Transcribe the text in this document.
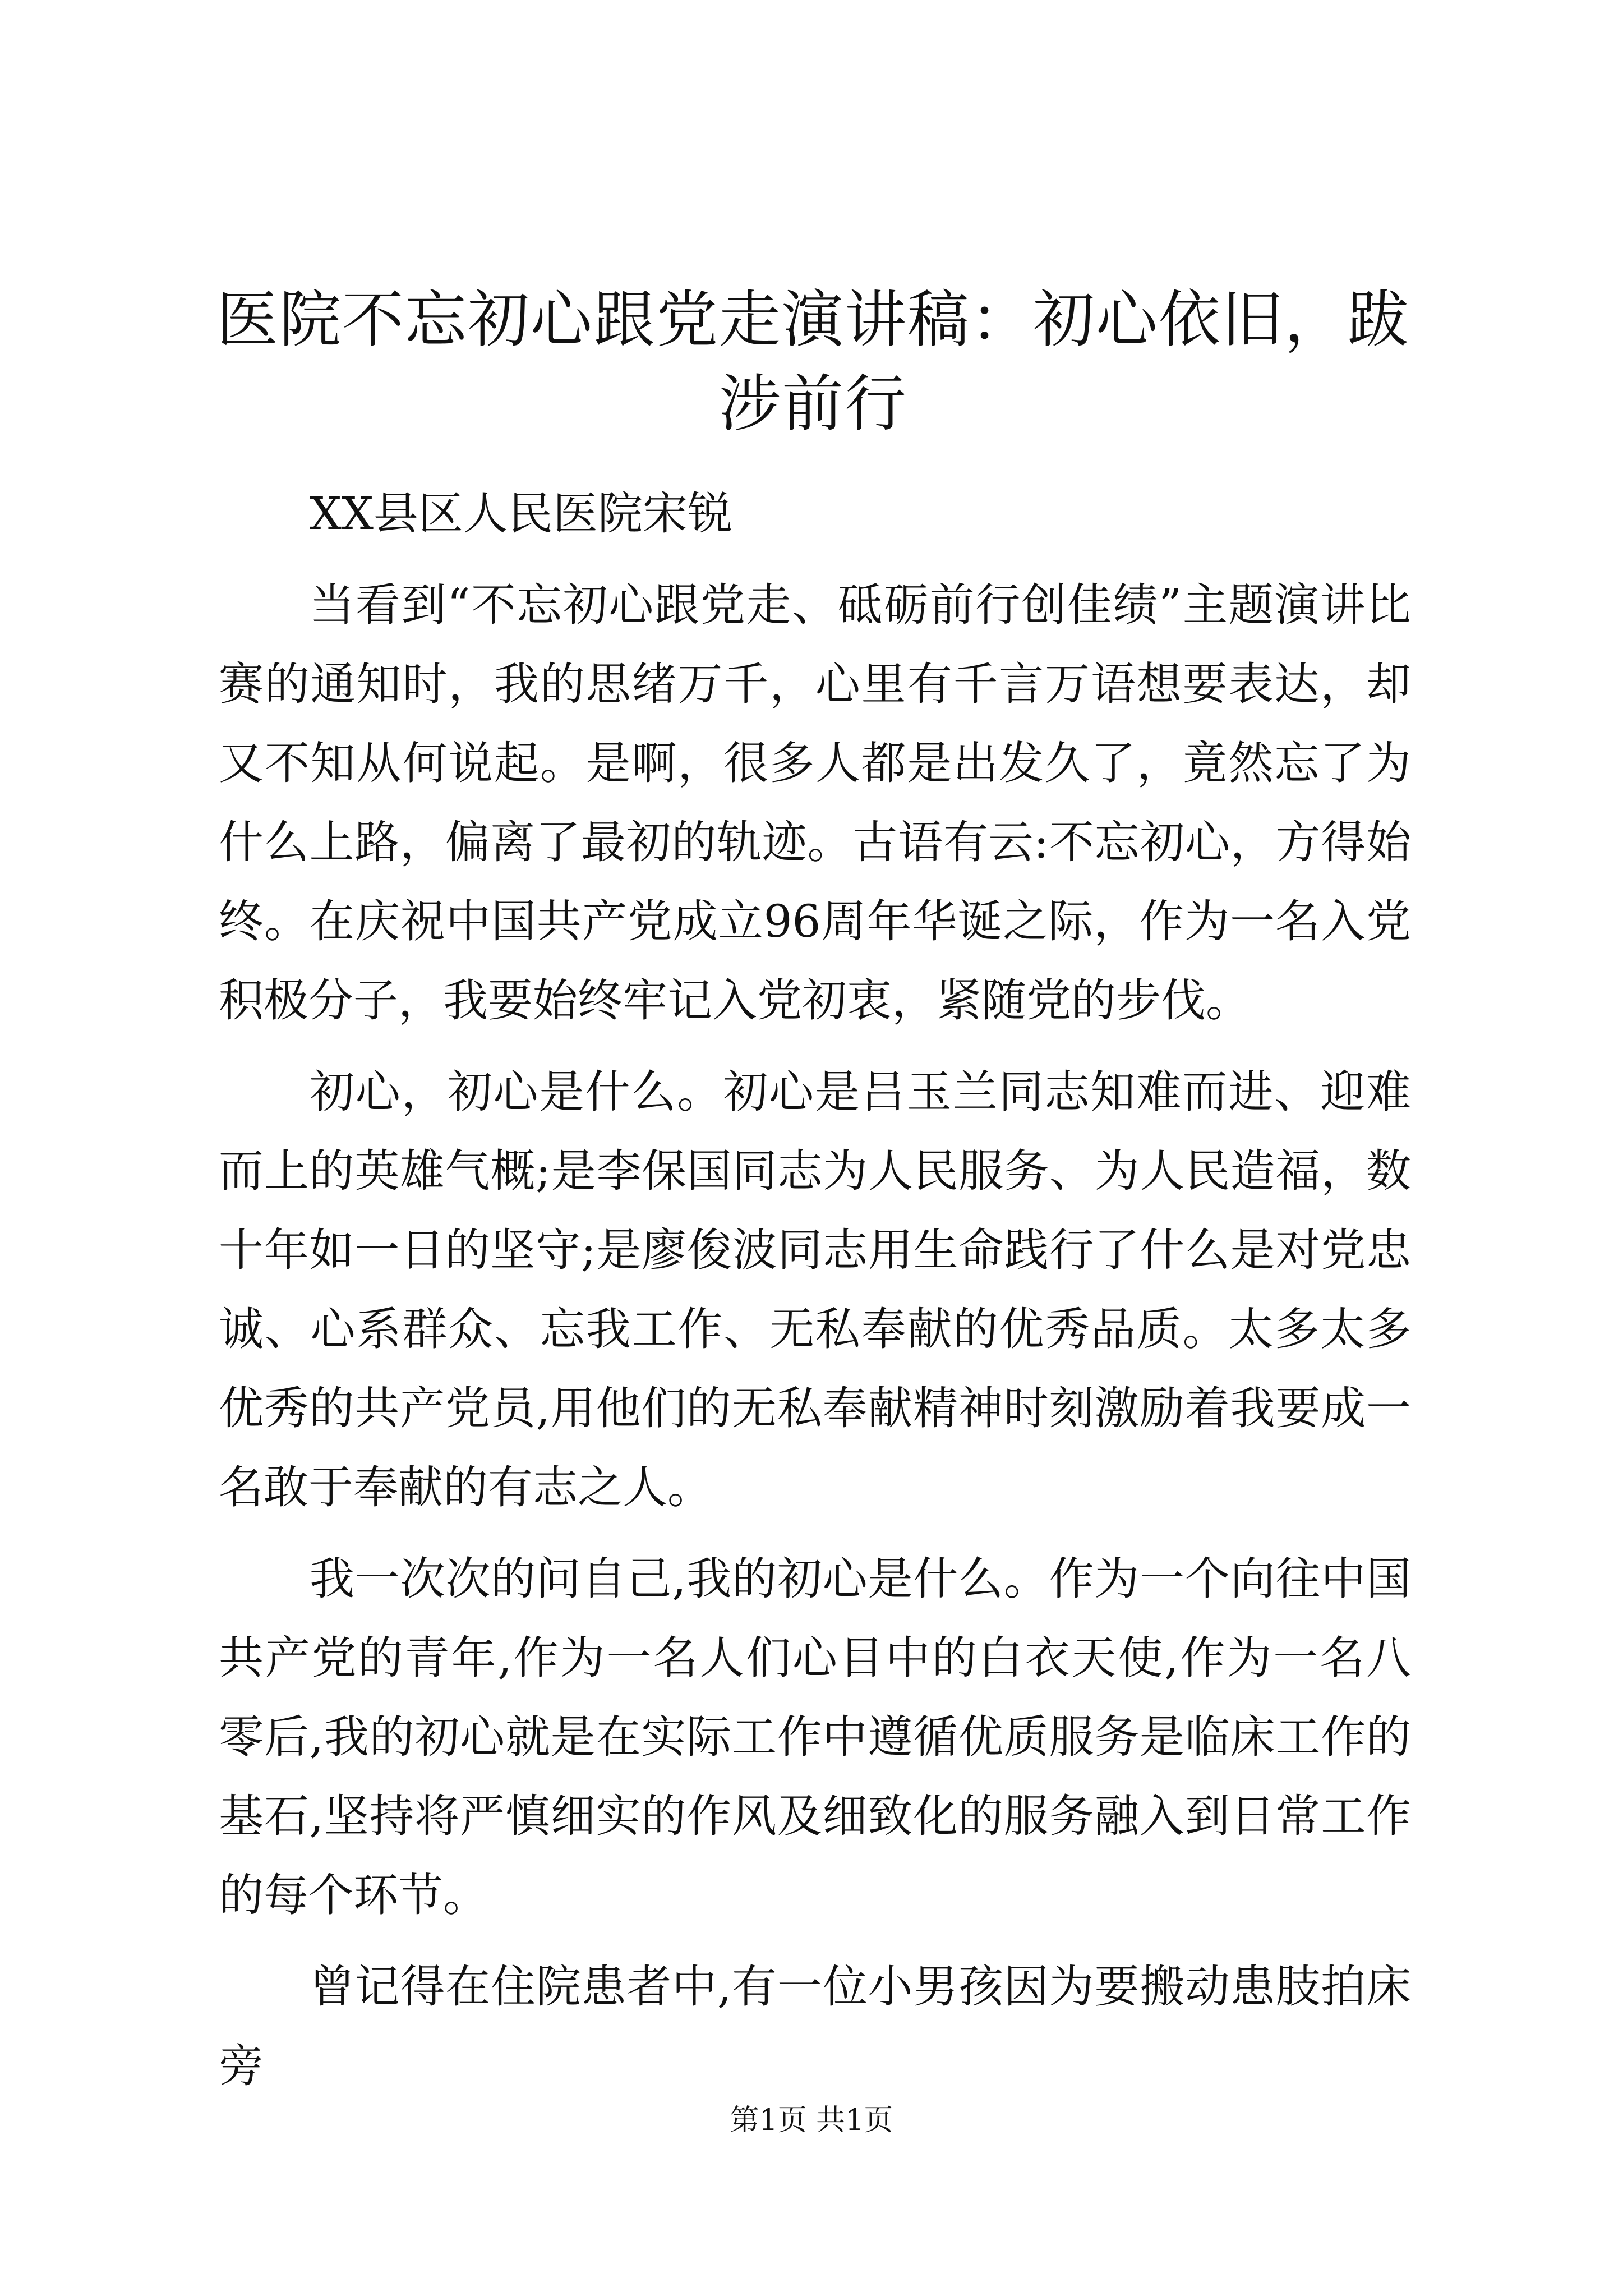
医院不忘初心跟党走演讲稿：初心依旧，跋涉前行

XX县区人民医院宋锐

当看到“不忘初心跟党走、砥砺前行创佳绩”主题演讲比赛的通知时，我的思绪万千，心里有千言万语想要表达，却又不知从何说起。是啊，很多人都是出发久了，竟然忘了为什么上路，偏离了最初的轨迹。古语有云:不忘初心，方得始终。在庆祝中国共产党成立96周年华诞之际，作为一名入党积极分子，我要始终牢记入党初衷，紧随党的步伐。

初心，初心是什么。初心是吕玉兰同志知难而进、迎难而上的英雄气概;是李保国同志为人民服务、为人民造福，数十年如一日的坚守;是廖俊波同志用生命践行了什么是对党忠诚、心系群众、忘我工作、无私奉献的优秀品质。太多太多优秀的共产党员,用他们的无私奉献精神时刻激励着我要成一名敢于奉献的有志之人。

我一次次的问自己,我的初心是什么。作为一个向往中国共产党的青年,作为一名人们心目中的白衣天使,作为一名八零后,我的初心就是在实际工作中遵循优质服务是临床工作的基石,坚持将严慎细实的作风及细致化的服务融入到日常工作的每个环节。

曾记得在住院患者中,有一位小男孩因为要搬动患肢拍床旁

第1页 共1页
